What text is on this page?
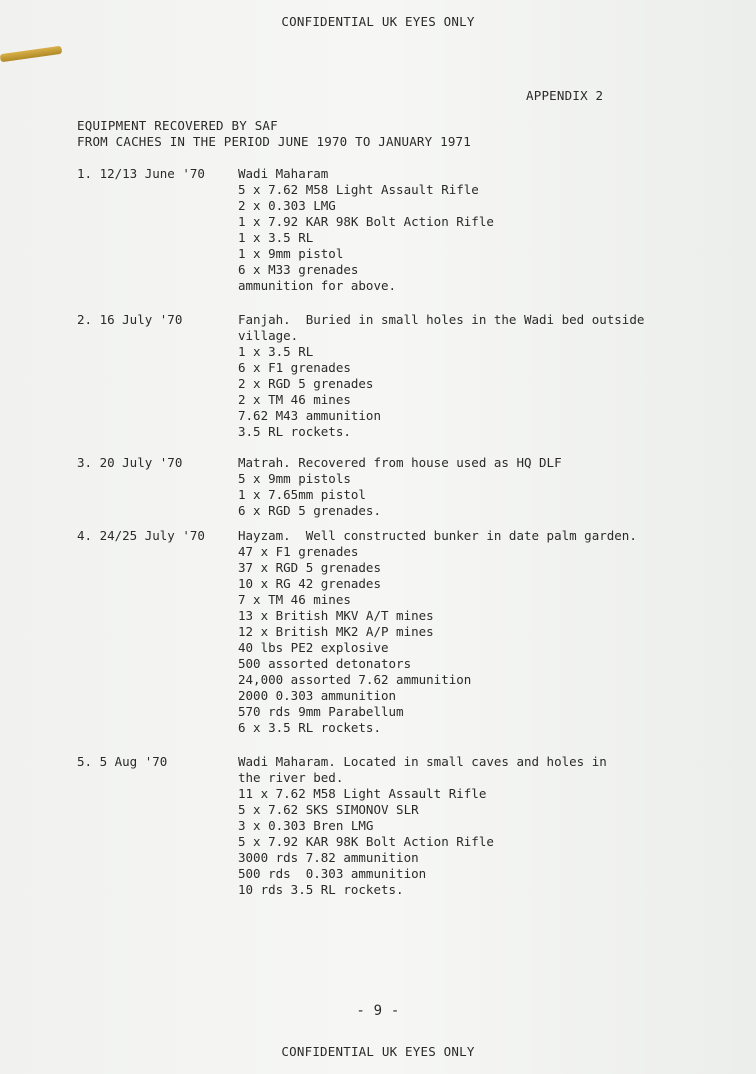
CONFIDENTIAL UK EYES ONLY
APPENDIX 2
EQUIPMENT RECOVERED BY SAF
FROM CACHES IN THE PERIOD JUNE 1970 TO JANUARY 1971
1. 12/13 June '70	Wadi Maharam
5 x 7.62 M58 Light Assault Rifle
2 x 0.303 LMG
1 x 7.92 KAR 98K Bolt Action Rifle
1 x 3.5 RL
1 x 9mm pistol
6 x M33 grenades
ammunition for above.
2. 16 July '70	Fanjah.  Buried in small holes in the Wadi bed outside
village.
1 x 3.5 RL
6 x F1 grenades
2 x RGD 5 grenades
2 x TM 46 mines
7.62 M43 ammunition
3.5 RL rockets.
3. 20 July '70	Matrah. Recovered from house used as HQ DLF
5 x 9mm pistols
1 x 7.65mm pistol
6 x RGD 5 grenades.
4. 24/25 July '70	Hayzam.  Well constructed bunker in date palm garden.
47 x F1 grenades
37 x RGD 5 grenades
10 x RG 42 grenades
7 x TM 46 mines
13 x British MKV A/T mines
12 x British MK2 A/P mines
40 lbs PE2 explosive
500 assorted detonators
24,000 assorted 7.62 ammunition
2000 0.303 ammunition
570 rds 9mm Parabellum
6 x 3.5 RL rockets.
5. 5 Aug '70	Wadi Maharam. Located in small caves and holes in
the river bed.
11 x 7.62 M58 Light Assault Rifle
5 x 7.62 SKS SIMONOV SLR
3 x 0.303 Bren LMG
5 x 7.92 KAR 98K Bolt Action Rifle
3000 rds 7.82 ammunition
500 rds  0.303 ammunition
10 rds 3.5 RL rockets.
- 9 -
CONFIDENTIAL UK EYES ONLY
